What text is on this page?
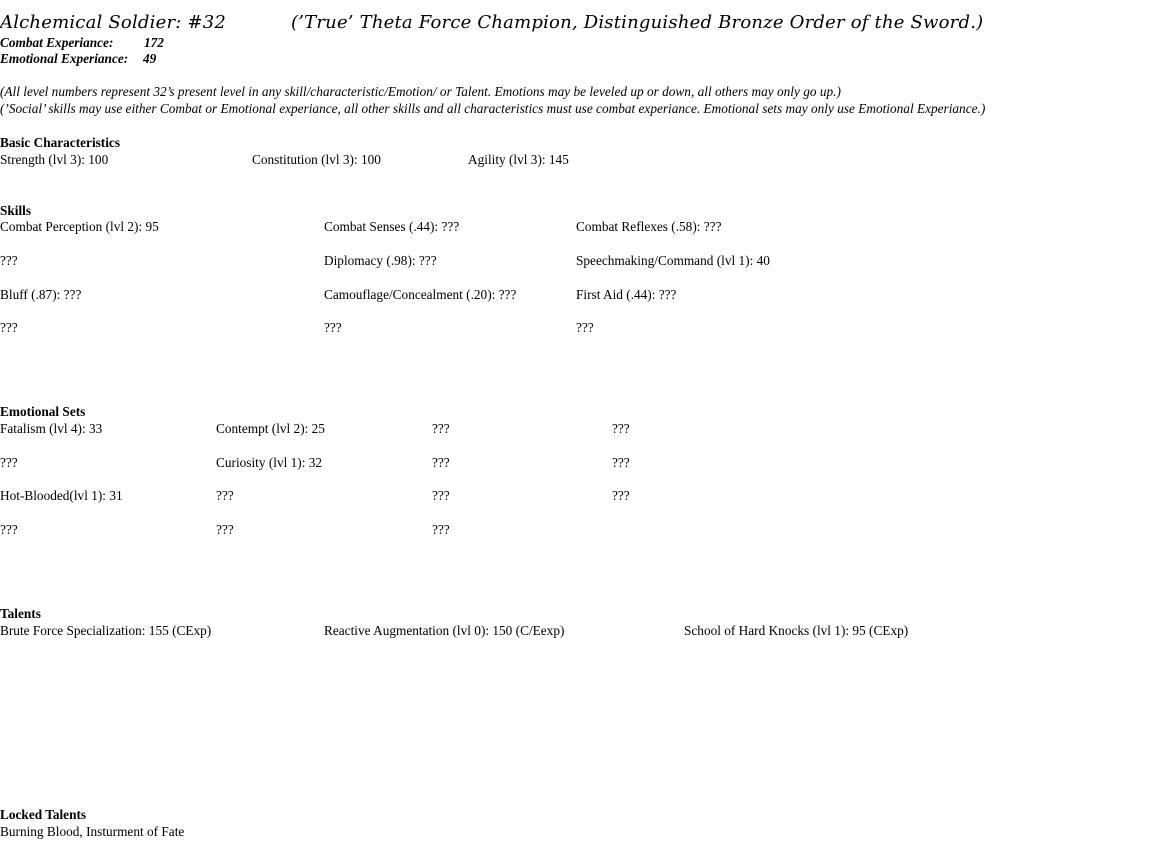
Alchemical Soldier: #32	(’True’ Theta Force Champion, Distinguished Bronze Order of the Sword.)
Combat Experiance: 172
Emotional Experiance: 49
(All level numbers represent 32’s present level in any skill/characteristic/Emotion/ or Talent. Emotions may be leveled up or down, all others may only go up.)
(’Social’ skills may use either Combat or Emotional experiance, all other skills and all characteristics must use combat experiance. Emotional sets may only use Emotional Experiance.)
Basic Characteristics
Strength (lvl 3): 100	Constitution (lvl 3): 100	Agility (lvl 3): 145
Skills
Combat Perception (lvl 2): 95	Combat Senses (.44): ???	Combat Reflexes (.58): ???
???	Diplomacy (.98): ???	Speechmaking/Command (lvl 1): 40
Bluff (.87): ???	Camouflage/Concealment (.20): ???	First Aid (.44): ???
???	???	???
Emotional Sets
Fatalism (lvl 4): 33	Contempt (lvl 2): 25	???	???
???	Curiosity (lvl 1): 32	???	???
Hot-Blooded(lvl 1): 31	???	???	???
???	???	???
Talents
Brute Force Specialization: 155 (CExp)	Reactive Augmentation (lvl 0): 150 (C/Eexp)	School of Hard Knocks (lvl 1): 95 (CExp)
Locked Talents
Burning Blood, Insturment of Fate
